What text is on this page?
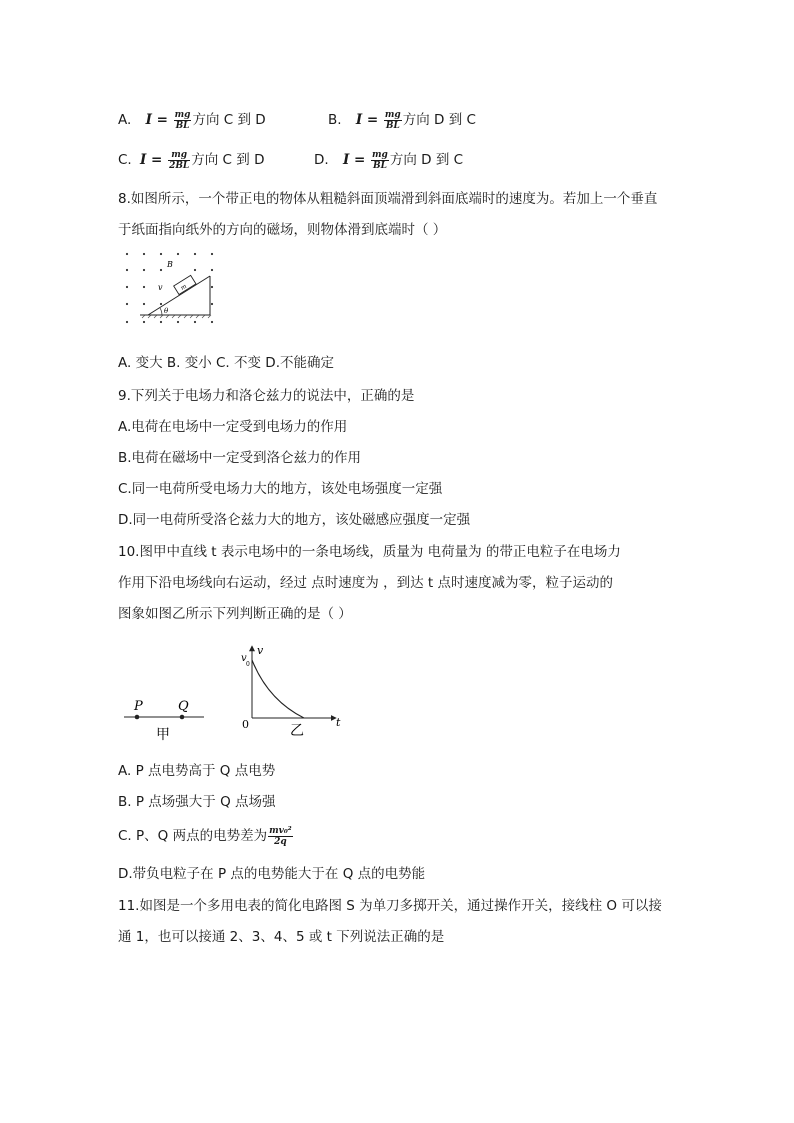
A. $I = \frac{mg}{BL}$ 方向 C 到 D	B. $I = \frac{mg}{BL}$ 方向 D 到 C
C. $I = \frac{mg}{2BL}$ 方向 C 到 D	D. $I = \frac{mg}{BL}$ 方向 D 到 C
8.如图所示，一个带正电的物体从粗糙斜面顶端滑到斜面底端时的速度为。若加上一个垂直
于纸面指向纸外的方向的磁场，则物体滑到底端时（ ）
B
v	m
θ
A. 变大 B. 变小 C. 不变 D.不能确定
9.下列关于电场力和洛仑兹力的说法中，正确的是
A.电荷在电场中一定受到电场力的作用
B.电荷在磁场中一定受到洛仑兹力的作用
C.同一电荷所受电场力大的地方，该处电场强度一定强
D.同一电荷所受洛仑兹力大的地方，该处磁感应强度一定强
10.图甲中直线 t 表示电场中的一条电场线，质量为 电荷量为 的带正电粒子在电场力
作用下沿电场线向右运动，经过 点时速度为 ，到达 t 点时速度减为零，粒子运动的
图象如图乙所示下列判断正确的是（ ）
P	Q
甲
v
v
0
0	t
乙
A. P 点电势高于 Q 点电势
B. P 点场强大于 Q 点场强
C. P、Q 两点的电势差为 $\frac{\text{mv₀²}}{2q}$
D.带负电粒子在 P 点的电势能大于在 Q 点的电势能
11.如图是一个多用电表的简化电路图 S 为单刀多掷开关，通过操作开关，接线柱 O 可以接
通 1，也可以接通 2、3、4、5 或 t 下列说法正确的是
